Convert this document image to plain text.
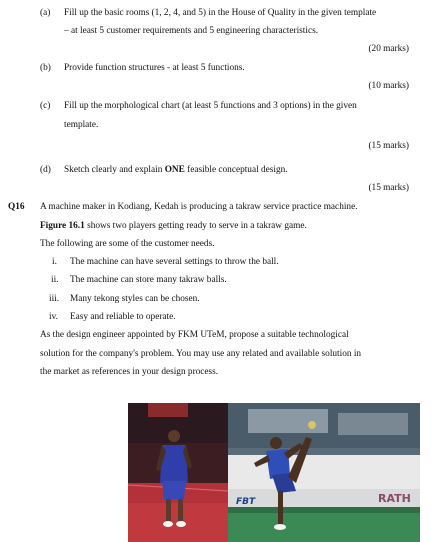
(a) Fill up the basic rooms (1, 2, 4, and 5) in the House of Quality in the given template
– at least 5 customer requirements and 5 engineering characteristics.
(20 marks)
(b) Provide function structures - at least 5 functions.
(10 marks)
(c) Fill up the morphological chart (at least 5 functions and 3 options) in the given
template.
(15 marks)
(d) Sketch clearly and explain ONE feasible conceptual design.
(15 marks)
Q16 A machine maker in Kodiang, Kedah is producing a takraw service practice machine.
Figure 16.1 shows two players getting ready to serve in a takraw game.
The following are some of the customer needs.
i. The machine can have several settings to throw the ball.
ii. The machine can store many takraw balls.
iii. Many tekong styles can be chosen.
iv. Easy and reliable to operate.
As the design engineer appointed by FKM UTeM, propose a suitable technological
solution for the company's problem. You may use any related and available solution in
the market as references in your design process.
FBT	RATH
